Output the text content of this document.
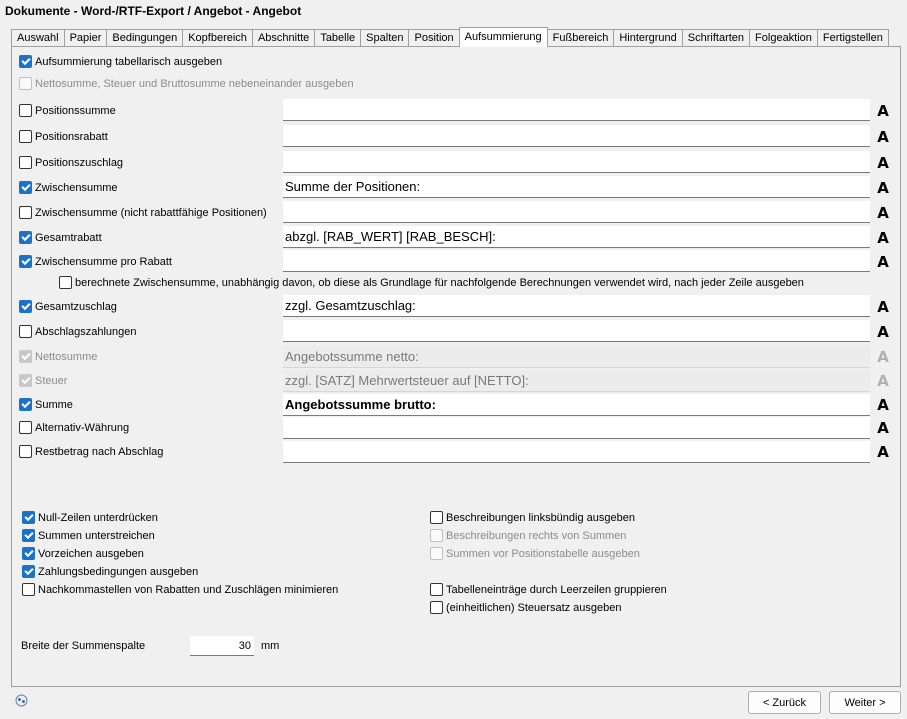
Dokumente - Word-/RTF-Export / Angebot - Angebot
Auswahl	Papier	Bedingungen	Kopfbereich	Abschnitte	Tabelle	Spalten	Position	Aufsummierung	Fußbereich	Hintergrund	Schriftarten	Folgeaktion	Fertigstellen
Aufsummierung tabellarisch ausgeben
Nettosumme, Steuer und Bruttosumme nebeneinander ausgeben
Positionssumme	A
Positionsrabatt	A
Positionszuschlag	A
Zwischensumme	Summe der Positionen:	A
Zwischensumme (nicht rabattfähige Positionen)	A
Gesamtrabatt	abzgl. [RAB_WERT] [RAB_BESCH]:	A
Zwischensumme pro Rabatt	A
berechnete Zwischensumme, unabhängig davon, ob diese als Grundlage für nachfolgende Berechnungen verwendet wird, nach jeder Zeile ausgeben
Gesamtzuschlag	zzgl. Gesamtzuschlag:	A
Abschlagszahlungen	A
Nettosumme	Angebotssumme netto:	A
Steuer	zzgl. [SATZ] Mehrwertsteuer auf [NETTO]:	A
Summe	Angebotssumme brutto:	A
Alternativ-Währung	A
Restbetrag nach Abschlag	A
Null-Zeilen unterdrücken
Summen unterstreichen
Vorzeichen ausgeben
Zahlungsbedingungen ausgeben
Nachkommastellen von Rabatten und Zuschlägen minimieren
Beschreibungen linksbündig ausgeben
Beschreibungen rechts von Summen
Summen vor Positionstabelle ausgeben
Tabelleneinträge durch Leerzeilen gruppieren
(einheitlichen) Steuersatz ausgeben
Breite der Summenspalte	30 mm
< Zurück	Weiter >
